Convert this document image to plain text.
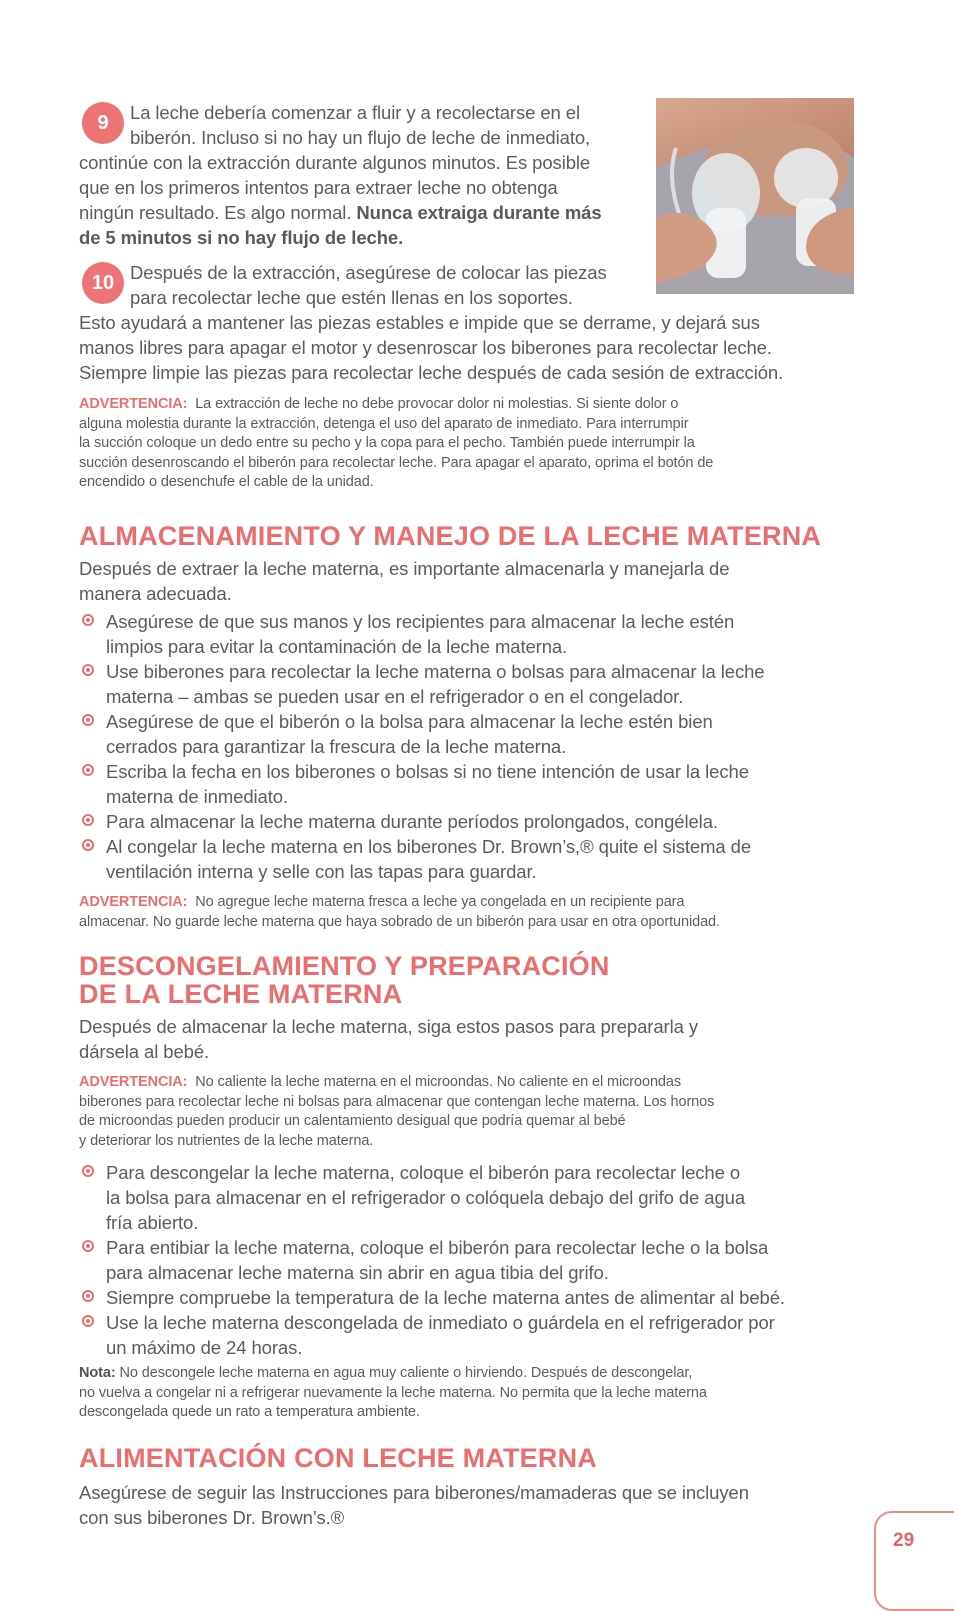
9	La leche debería comenzar a fluir y a recolectarse en el
biberón. Incluso si no hay un flujo de leche de inmediato,
continúe con la extracción durante algunos minutos. Es posible
que en los primeros intentos para extraer leche no obtenga
ningún resultado. Es algo normal. Nunca extraiga durante más
de 5 minutos si no hay flujo de leche.
10 Después de la extracción, asegúrese de colocar las piezas
para recolectar leche que estén llenas en los soportes.
Esto ayudará a mantener las piezas estables e impide que se derrame, y dejará sus
manos libres para apagar el motor y desenroscar los biberones para recolectar leche.
Siempre limpie las piezas para recolectar leche después de cada sesión de extracción.
ADVERTENCIA: La extracción de leche no debe provocar dolor ni molestias. Si siente dolor o
alguna molestia durante la extracción, detenga el uso del aparato de inmediato. Para interrumpir
la succión coloque un dedo entre su pecho y la copa para el pecho. También puede interrumpir la
succión desenroscando el biberón para recolectar leche. Para apagar el aparato, oprima el botón de
encendido o desenchufe el cable de la unidad.
ALMACENAMIENTO Y MANEJO DE LA LECHE MATERNA
Después de extraer la leche materna, es importante almacenarla y manejarla de
manera adecuada.
Asegúrese de que sus manos y los recipientes para almacenar la leche estén
limpios para evitar la contaminación de la leche materna.
Use biberones para recolectar la leche materna o bolsas para almacenar la leche
materna – ambas se pueden usar en el refrigerador o en el congelador.
Asegúrese de que el biberón o la bolsa para almacenar la leche estén bien
cerrados para garantizar la frescura de la leche materna.
Escriba la fecha en los biberones o bolsas si no tiene intención de usar la leche
materna de inmediato.
Para almacenar la leche materna durante períodos prolongados, congélela.
Al congelar la leche materna en los biberones Dr. Brown’s,® quite el sistema de
ventilación interna y selle con las tapas para guardar.
ADVERTENCIA: No agregue leche materna fresca a leche ya congelada en un recipiente para
almacenar. No guarde leche materna que haya sobrado de un biberón para usar en otra oportunidad.
DESCONGELAMIENTO Y PREPARACIÓN
DE LA LECHE MATERNA
Después de almacenar la leche materna, siga estos pasos para prepararla y
dársela al bebé.
ADVERTENCIA: No caliente la leche materna en el microondas. No caliente en el microondas
biberones para recolectar leche ni bolsas para almacenar que contengan leche materna. Los hornos
de microondas pueden producir un calentamiento desigual que podría quemar al bebé
y deteriorar los nutrientes de la leche materna.
Para descongelar la leche materna, coloque el biberón para recolectar leche o
la bolsa para almacenar en el refrigerador o colóquela debajo del grifo de agua
fría abierto.
Para entibiar la leche materna, coloque el biberón para recolectar leche o la bolsa
para almacenar leche materna sin abrir en agua tibia del grifo.
Siempre compruebe la temperatura de la leche materna antes de alimentar al bebé.
Use la leche materna descongelada de inmediato o guárdela en el refrigerador por
un máximo de 24 horas.
Nota: No descongele leche materna en agua muy caliente o hirviendo. Después de descongelar,
no vuelva a congelar ni a refrigerar nuevamente la leche materna. No permita que la leche materna
descongelada quede un rato a temperatura ambiente.
ALIMENTACIÓN CON LECHE MATERNA
Asegúrese de seguir las Instrucciones para biberones/mamaderas que se incluyen
con sus biberones Dr. Brown’s.®
29
